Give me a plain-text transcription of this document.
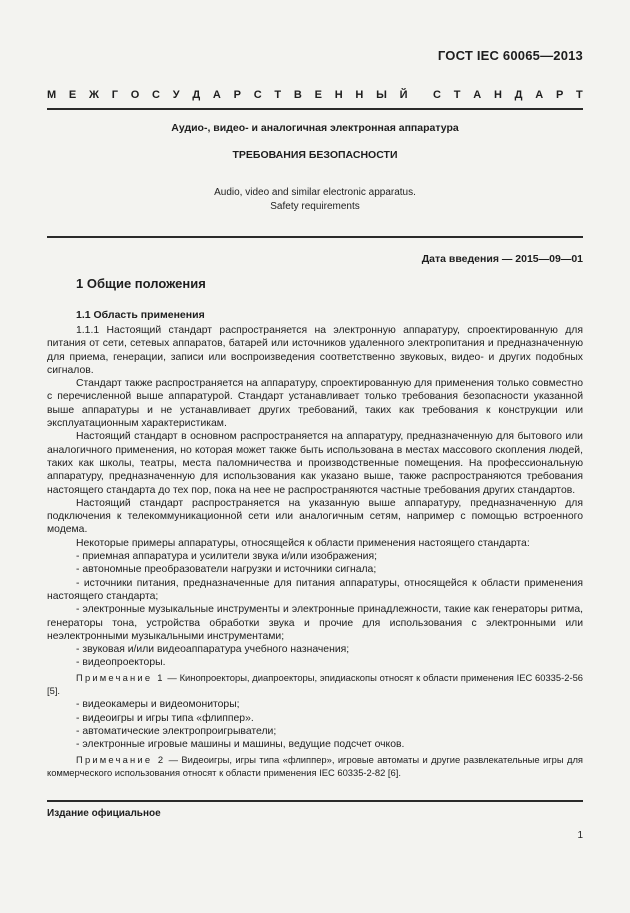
ГОСТ IEC 60065—2013
М Е Ж Г О С У Д А Р С Т В Е Н Н Ы Й С Т А Н Д А Р Т
Аудио-, видео- и аналогичная электронная аппаратура
ТРЕБОВАНИЯ БЕЗОПАСНОСТИ
Audio, video and similar electronic apparatus.
Safety requirements
Дата введения — 2015—09—01
1 Общие положения
1.1 Область применения

1.1.1 Настоящий стандарт распространяется на электронную аппаратуру, спроектированную для питания от сети, сетевых аппаратов, батарей или источников удаленного электропитания и предназначенную для приема, генерации, записи или воспроизведения соответственно звуковых, видео- и других подобных сигналов.

Стандарт также распространяется на аппаратуру, спроектированную для применения только совместно с перечисленной выше аппаратурой. Стандарт устанавливает только требования безопасности указанной выше аппаратуры и не устанавливает других требований, таких как требования к конструкции или эксплуатационным характеристикам.

Настоящий стандарт в основном распространяется на аппаратуру, предназначенную для бытового или аналогичного применения, но которая может также быть использована в местах массового скопления людей, таких как школы, театры, места паломничества и производственные помещения. На профессиональную аппаратуру, предназначенную для использования как указано выше, также распространяются требования настоящего стандарта до тех пор, пока на нее не распространяются частные требования других стандартов.

Настоящий стандарт распространяется на указанную выше аппаратуру, предназначенную для подключения к телекоммуникационной сети или аналогичным сетям, например с помощью встроенного модема.

Некоторые примеры аппаратуры, относящейся к области применения настоящего стандарта:

- приемная аппаратура и усилители звука и/или изображения;

- автономные преобразователи нагрузки и источники сигнала;

- источники питания, предназначенные для питания аппаратуры, относящейся к области применения настоящего стандарта;

- электронные музыкальные инструменты и электронные принадлежности, такие как генераторы ритма, генераторы тона, устройства обработки звука и прочие для использования с электронными или неэлектронными музыкальными инструментами;

- звуковая и/или видеоаппаратура учебного назначения;

- видеопроекторы.

Примечание 1 — Кинопроекторы, диапроекторы, эпидиаскопы относят к области применения IEC 60335-2-56 [5].

- видеокамеры и видеомониторы;

- видеоигры и игры типа «флиппер».

- автоматические электропроигрыватели;

- электронные игровые машины и машины, ведущие подсчет очков.

Примечание 2 — Видеоигры, игры типа «флиппер», игровые автоматы и другие развлекательные игры для коммерческого использования относят к области применения IEC 60335-2-82 [6].

Издание официальное
1
